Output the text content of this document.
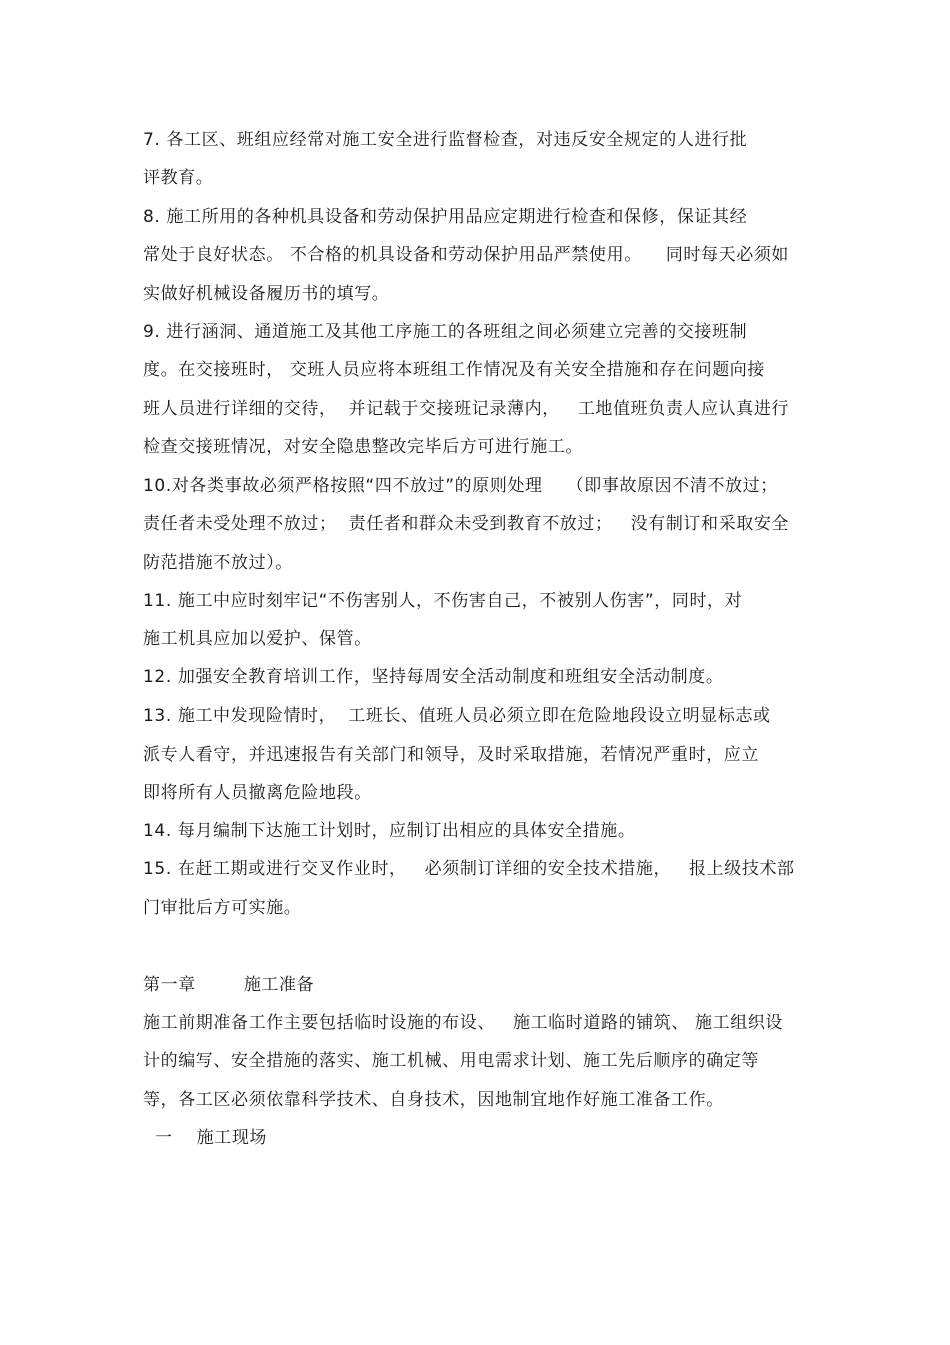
7. 各工区、班组应经常对施工安全进行监督检查，对违反安全规定的人进行批
评教育。
8. 施工所用的各种机具设备和劳动保护用品应定期进行检查和保修，保证其经
常处于良好状态。 不合格的机具设备和劳动保护用品严禁使用。    同时每天必须如
实做好机械设备履历书的填写。
9. 进行涵洞、通道施工及其他工序施工的各班组之间必须建立完善的交接班制
度。在交接班时， 交班人员应将本班组工作情况及有关安全措施和存在问题向接
班人员进行详细的交待，  并记载于交接班记录薄内，   工地值班负责人应认真进行
检查交接班情况，对安全隐患整改完毕后方可进行施工。
10.对各类事故必须严格按照“四不放过”的原则处理    （即事故原因不清不放过；
责任者未受处理不放过；  责任者和群众未受到教育不放过；   没有制订和采取安全
防范措施不放过）。
11. 施工中应时刻牢记“不伤害别人，不伤害自己，不被别人伤害”，同时，对
施工机具应加以爱护、保管。
12. 加强安全教育培训工作，坚持每周安全活动制度和班组安全活动制度。
13. 施工中发现险情时，  工班长、值班人员必须立即在危险地段设立明显标志或
派专人看守，并迅速报告有关部门和领导，及时采取措施，若情况严重时，应立
即将所有人员撤离危险地段。
14. 每月编制下达施工计划时，应制订出相应的具体安全措施。
15. 在赶工期或进行交叉作业时，   必须制订详细的安全技术措施，   报上级技术部
门审批后方可实施。
第一章        施工准备
施工前期准备工作主要包括临时设施的布设、   施工临时道路的铺筑、 施工组织设
计的编写、安全措施的落实、施工机械、用电需求计划、施工先后顺序的确定等
等，各工区必须依靠科学技术、自身技术，因地制宜地作好施工准备工作。
一    施工现场
